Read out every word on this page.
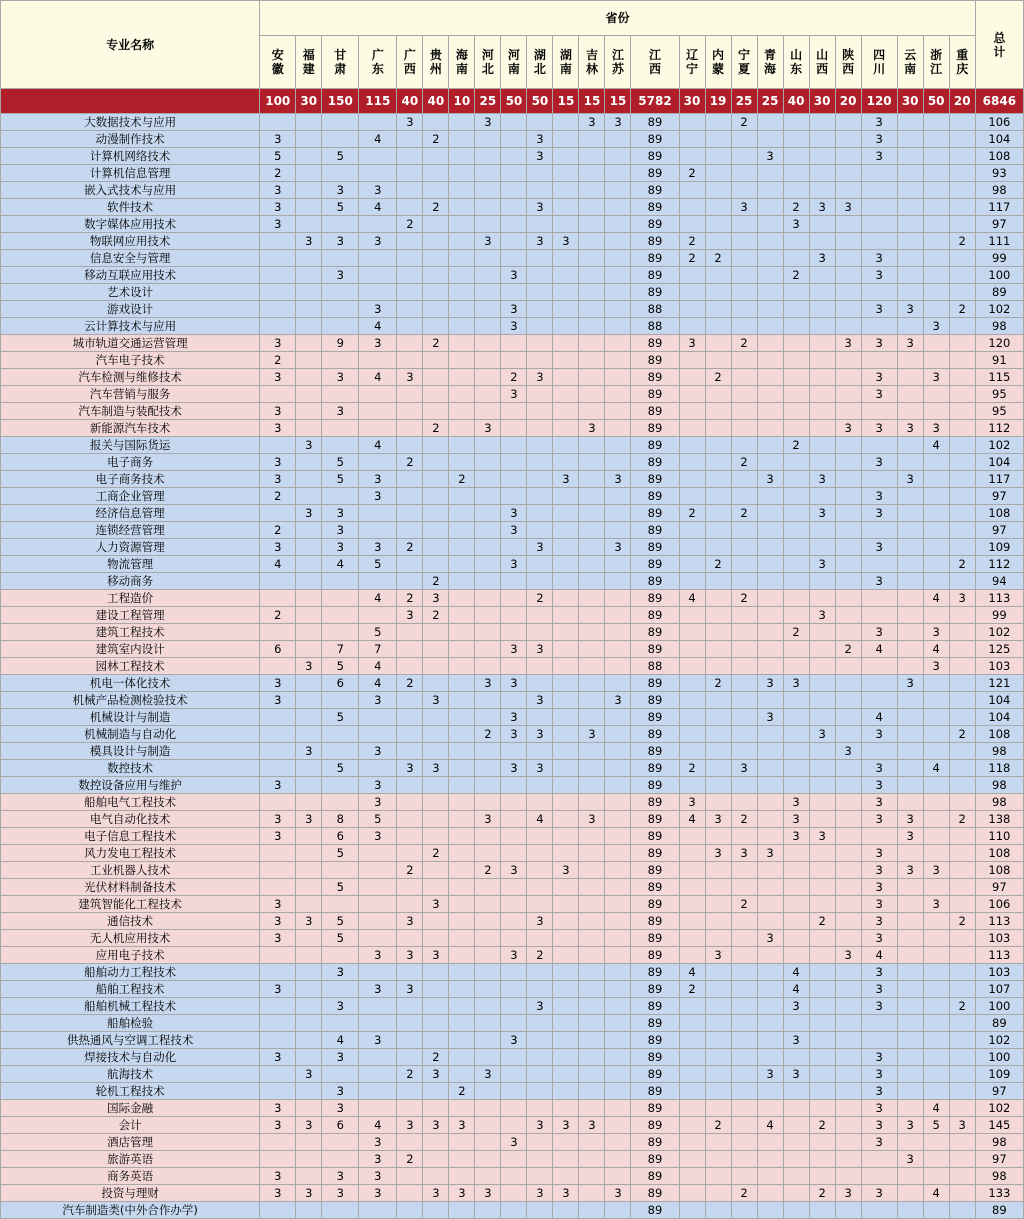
专业名称	省份																									总计
	安徽	福建	甘肃	广东	广西	贵州	海南	河北	河南	湖北	湖南	吉林	江苏	江西	辽宁	内蒙	宁夏	青海	山东	山西	陕西	四川	云南	浙江	重庆	
	100	30	150	115	40	40	10	25	50	50	15	15	15	5782	30	19	25	25	40	30	20	120	30	50	20	6846
大数据技术与应用					3			3				3	3	89			2					3				106
动漫制作技术	3			4		2				3				89								3				104
计算机网络技术	5		5							3				89				3				3				108
计算机信息管理	2													89	2											93
嵌入式技术与应用	3		3	3										89												98
软件技术	3		5	4		2				3				89			3		2	3	3					117
数字媒体应用技术	3				2									89					3							97
物联网应用技术		3	3	3				3		3	3			89	2										2	111
信息安全与管理														89	2	2				3		3				99
移动互联应用技术			3						3					89					2			3				100
艺术设计														89												89
游戏设计				3					3					88								3	3		2	102
云计算技术与应用				4					3					88										3		98
城市轨道交通运营管理	3		9	3		2								89	3		2				3	3	3			120
汽车电子技术	2													89												91
汽车检测与维修技术	3		3	4	3				2	3				89		2						3		3		115
汽车营销与服务									3					89								3				95
汽车制造与装配技术	3		3											89												95
新能源汽车技术	3					2		3				3		89							3	3	3	3		112
报关与国际货运		3		4										89					2					4		102
电子商务	3		5		2									89			2					3				104
电子商务技术	3		5	3			2				3		3	89				3		3			3			117
工商企业管理	2			3										89								3				97
经济信息管理		3	3						3					89	2		2			3		3				108
连锁经营管理	2		3						3					89												97
人力资源管理	3		3	3	2					3			3	89								3				109
物流管理	4		4	5					3					89		2				3					2	112
移动商务						2								89								3				94
工程造价				4	2	3				2				89	4		2							4	3	113
建设工程管理	2				3	2								89						3						99
建筑工程技术				5										89					2			3		3		102
建筑室内设计	6		7	7					3	3				89							2	4		4		125
园林工程技术		3	5	4										88										3		103
机电一体化技术	3		6	4	2			3	3					89		2		3	3				3			121
机械产品检测检验技术	3			3		3				3			3	89												104
机械设计与制造			5						3					89				3				4				104
机械制造与自动化								2	3	3		3		89						3		3			2	108
模具设计与制造		3		3										89							3					98
数控技术			5		3	3			3	3				89	2		3					3		4		118
数控设备应用与维护	3			3										89								3				98
船舶电气工程技术				3										89	3				3			3				98
电气自动化技术	3	3	8	5				3		4		3		89	4	3	2		3			3	3		2	138
电子信息工程技术	3		6	3										89					3	3			3			110
风力发电工程技术			5			2								89		3	3	3				3				108
工业机器人技术					2			2	3		3			89								3	3	3		108
光伏材料制备技术			5											89								3				97
建筑智能化工程技术	3					3								89			2					3		3		106
通信技术	3	3	5		3					3				89						2		3			2	113
无人机应用技术	3		5											89				3				3				103
应用电子技术				3	3	3			3	2				89		3					3	4				113
船舶动力工程技术			3											89	4				4			3				103
船舶工程技术	3			3	3									89	2				4			3				107
船舶机械工程技术			3							3				89					3			3			2	100
船舶检验														89												89
供热通风与空调工程技术			4	3					3					89					3							102
焊接技术与自动化	3		3			2								89								3				100
航海技术		3			2	3		3						89				3	3			3				109
轮机工程技术			3				2							89								3				97
国际金融	3		3											89								3		4		102
会计	3	3	6	4	3	3	3			3	3	3		89		2		4		2		3	3	5	3	145
酒店管理				3					3					89								3				98
旅游英语				3	2									89									3			97
商务英语	3		3	3										89												98
投资与理财	3	3	3	3		3	3	3		3	3		3	89			2			2	3	3		4		133
汽车制造类(中外合作办学)														89												89
